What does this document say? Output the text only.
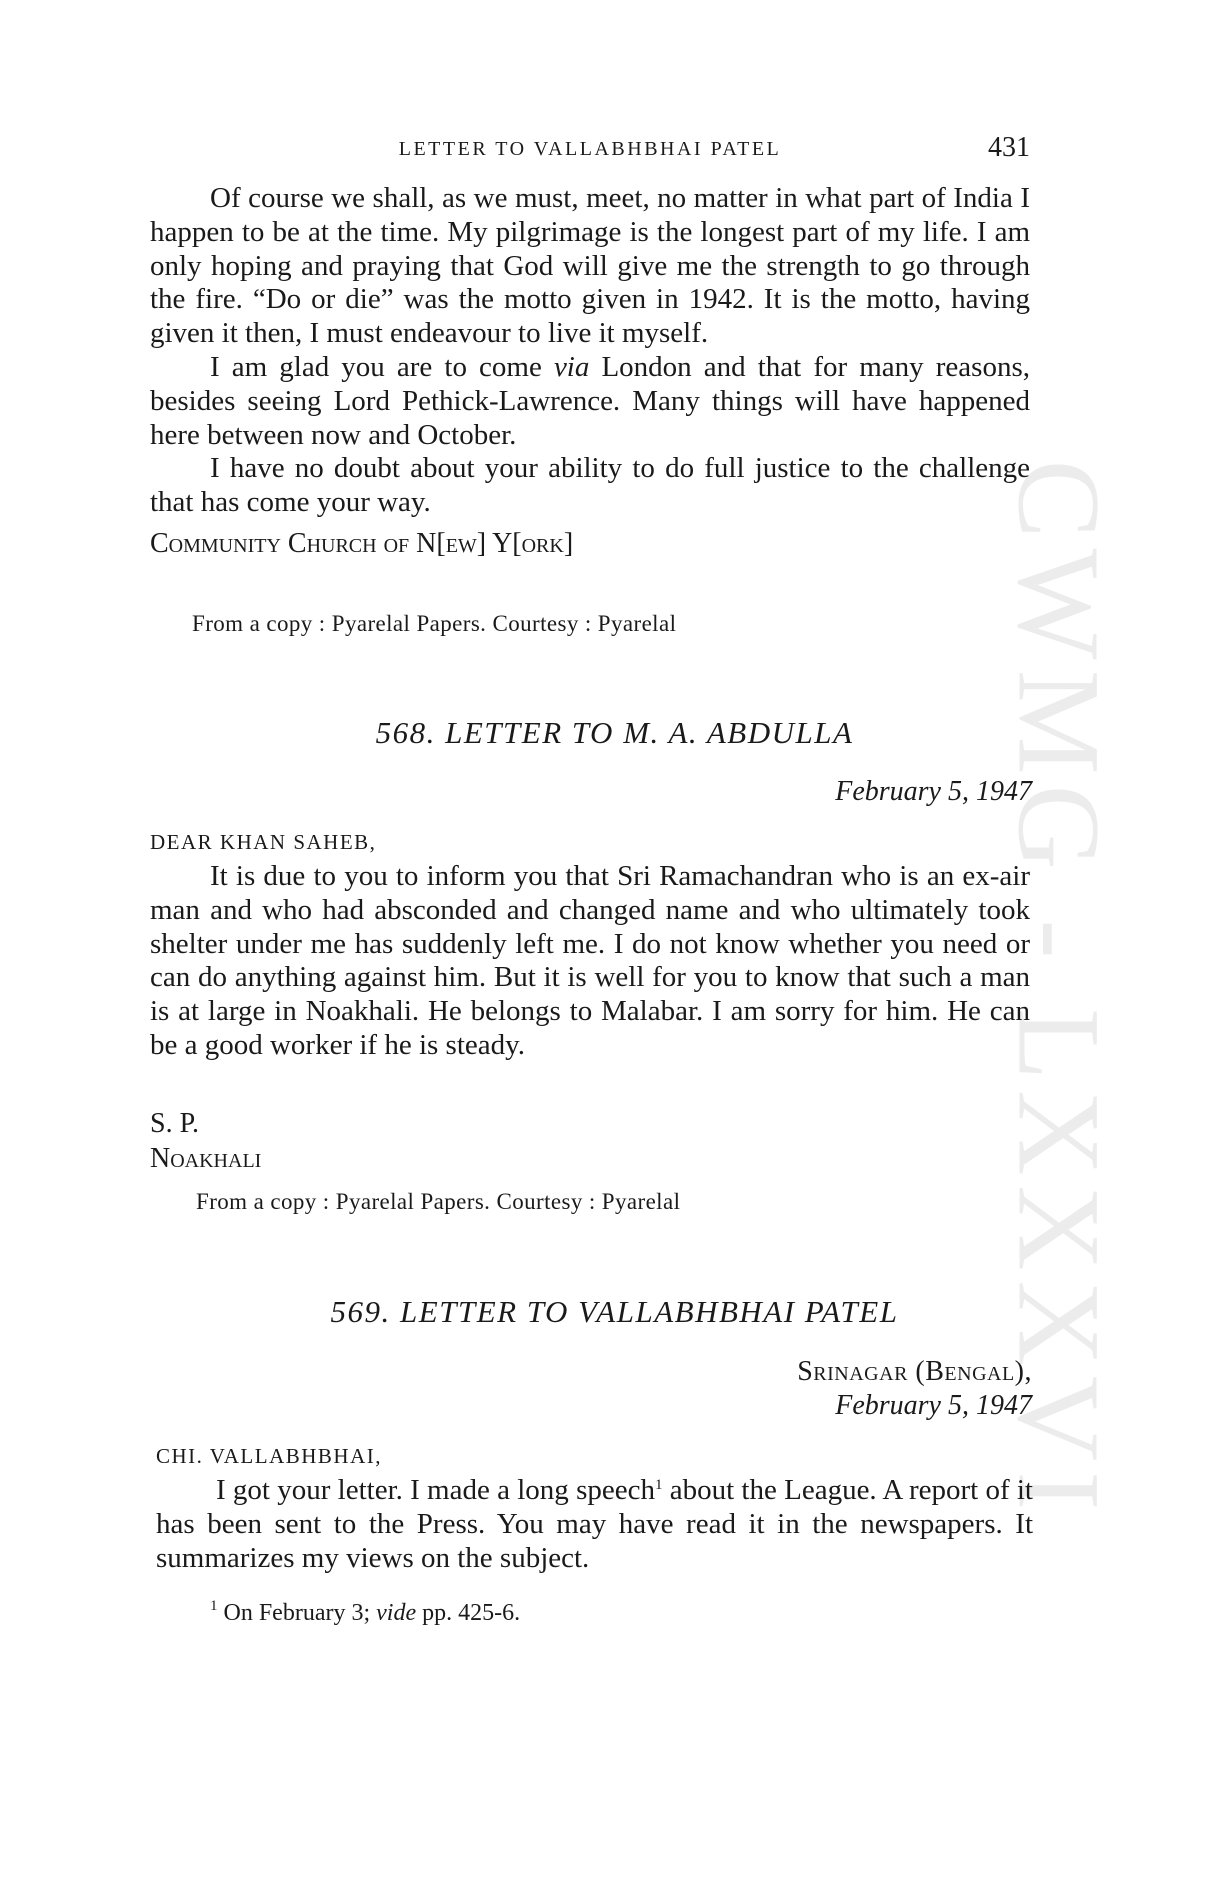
CWMG - LXXXVI
LETTER TO VALLABHBHAI PATEL	431

Of course we shall, as we must, meet, no matter in what part of India I happen to be at the time. My pilgrimage is the longest part of my life. I am only hoping and praying that God will give me the strength to go through the fire. “Do or die” was the motto given in 1942. It is the motto, having given it then, I must endeavour to live it myself.

I am glad you are to come via London and that for many reasons, besides seeing Lord Pethick-Lawrence. Many things will have happened here between now and October.

I have no doubt about your ability to do full justice to the challenge that has come your way.

Community Church of N[ew] Y[ork]

From a copy : Pyarelal Papers. Courtesy : Pyarelal

568. LETTER TO M. A. ABDULLA

February 5, 1947

DEAR KHAN SAHEB,

It is due to you to inform you that Sri Ramachandran who is an ex-air man and who had absconded and changed name and who ultimately took shelter under me has suddenly left me. I do not know whether you need or can do anything against him. But it is well for you to know that such a man is at large in Noakhali. He belongs to Malabar. I am sorry for him. He can be a good worker if he is steady.

S. P.

Noakhali

From a copy : Pyarelal Papers. Courtesy : Pyarelal

569. LETTER TO VALLABHBHAI PATEL

Srinagar (Bengal),

February 5, 1947

CHI. VALLABHBHAI,

I got your letter. I made a long speech$^1$ about the League. A report of it has been sent to the Press. You may have read it in the newspapers. It summarizes my views on the subject.

$^1$ On February 3; vide pp. 425-6.
